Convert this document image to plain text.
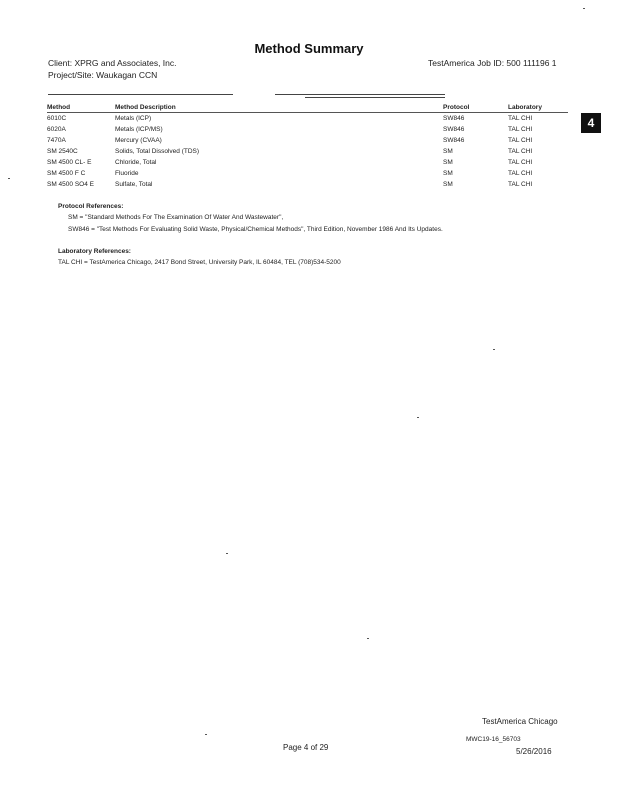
Method Summary
Client: XPRG and Associates, Inc.
Project/Site: Waukagan CCN
TestAmerica Job ID: 500 111196 1
4
Method	Method Description	Protocol	Laboratory
6010C	Metals (ICP)	SW846	TAL CHI
6020A	Metals (ICP/MS)	SW846	TAL CHI
7470A	Mercury (CVAA)	SW846	TAL CHI
SM 2540C	Solids, Total Dissolved (TDS)	SM	TAL CHI
SM 4500 CL- E	Chloride, Total	SM	TAL CHI
SM 4500 F C	Fluoride	SM	TAL CHI
SM 4500 SO4 E	Sulfate, Total	SM	TAL CHI
Protocol References:
SM = "Standard Methods For The Examination Of Water And Wastewater",
SW846 = "Test Methods For Evaluating Solid Waste, Physical/Chemical Methods", Third Edition, November 1986 And Its Updates.
Laboratory References:
TAL CHI = TestAmerica Chicago, 2417 Bond Street, University Park, IL 60484, TEL (708)534-5200
TestAmerica Chicago
MWC19-16_56703
Page 4 of 29	5/26/2016
